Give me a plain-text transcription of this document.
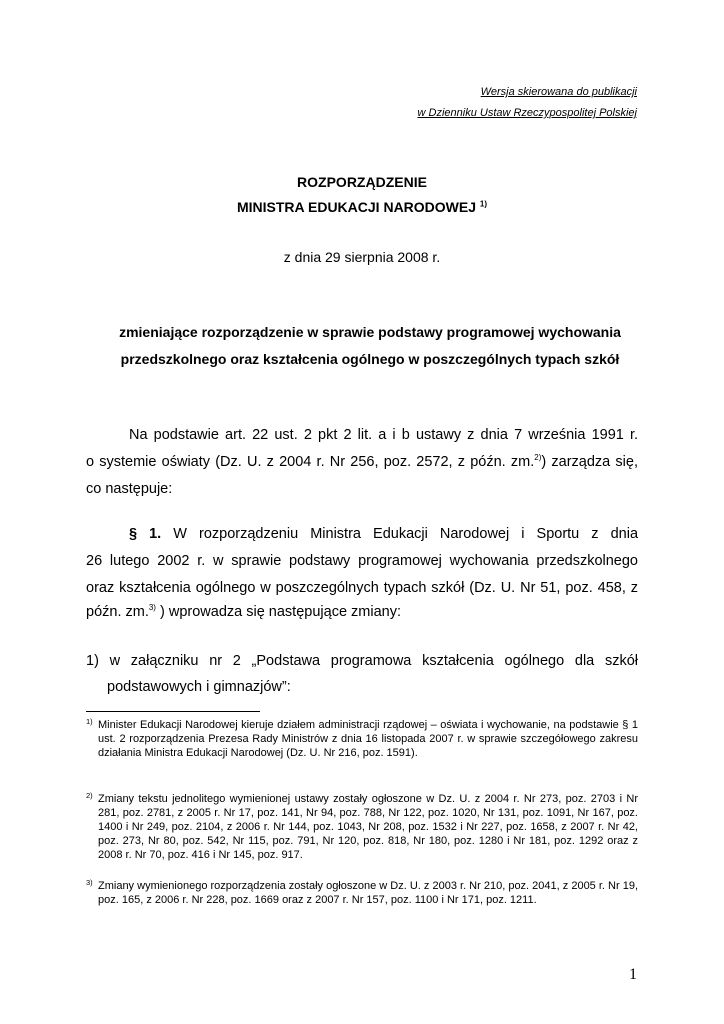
Wersja skierowana do publikacji
w Dzienniku Ustaw Rzeczypospolitej Polskiej
ROZPORZĄDZENIE
MINISTRA EDUKACJI NARODOWEJ $^{1)}$
z dnia 29 sierpnia 2008 r.
zmieniające rozporządzenie w sprawie podstawy programowej wychowania
przedszkolnego oraz kształcenia ogólnego w poszczególnych typach szkół
Na podstawie art. 22 ust. 2 pkt 2 lit. a i b ustawy z dnia 7 września 1991 r.
o systemie oświaty (Dz. U. z 2004 r. Nr 256, poz. 2572, z późn. zm.$^{2)}$) zarządza się,
co następuje:
§ 1. W rozporządzeniu Ministra Edukacji Narodowej i Sportu z dnia
26 lutego 2002 r. w sprawie podstawy programowej wychowania przedszkolnego
oraz kształcenia ogólnego w poszczególnych typach szkół (Dz. U. Nr 51, poz. 458, z
późn. zm.$^{3)}$ ) wprowadza się następujące zmiany:
1) w załączniku nr 2 „Podstawa programowa kształcenia ogólnego dla szkół
podstawowych i gimnazjów”:
1) Minister Edukacji Narodowej kieruje działem administracji rządowej – oświata i wychowanie, na podstawie § 1 ust. 2 rozporządzenia Prezesa Rady Ministrów z dnia 16 listopada 2007 r. w sprawie szczegółowego zakresu działania Ministra Edukacji Narodowej (Dz. U. Nr 216, poz. 1591).
2) Zmiany tekstu jednolitego wymienionej ustawy zostały ogłoszone w Dz. U. z 2004 r. Nr 273, poz. 2703 i Nr 281, poz. 2781, z 2005 r. Nr 17, poz. 141, Nr 94, poz. 788, Nr 122, poz. 1020, Nr 131, poz. 1091, Nr 167, poz. 1400 i Nr 249, poz. 2104, z 2006 r. Nr 144, poz. 1043, Nr 208, poz. 1532 i Nr 227, poz. 1658, z 2007 r. Nr 42, poz. 273, Nr 80, poz. 542, Nr 115, poz. 791, Nr 120, poz. 818, Nr 180, poz. 1280 i Nr 181, poz. 1292 oraz z 2008 r. Nr 70, poz. 416 i Nr 145, poz. 917.
3) Zmiany wymienionego rozporządzenia zostały ogłoszone w Dz. U. z 2003 r. Nr 210, poz. 2041, z 2005 r. Nr 19, poz. 165, z 2006 r. Nr 228, poz. 1669 oraz z 2007 r. Nr 157, poz. 1100 i Nr 171, poz. 1211.
1
